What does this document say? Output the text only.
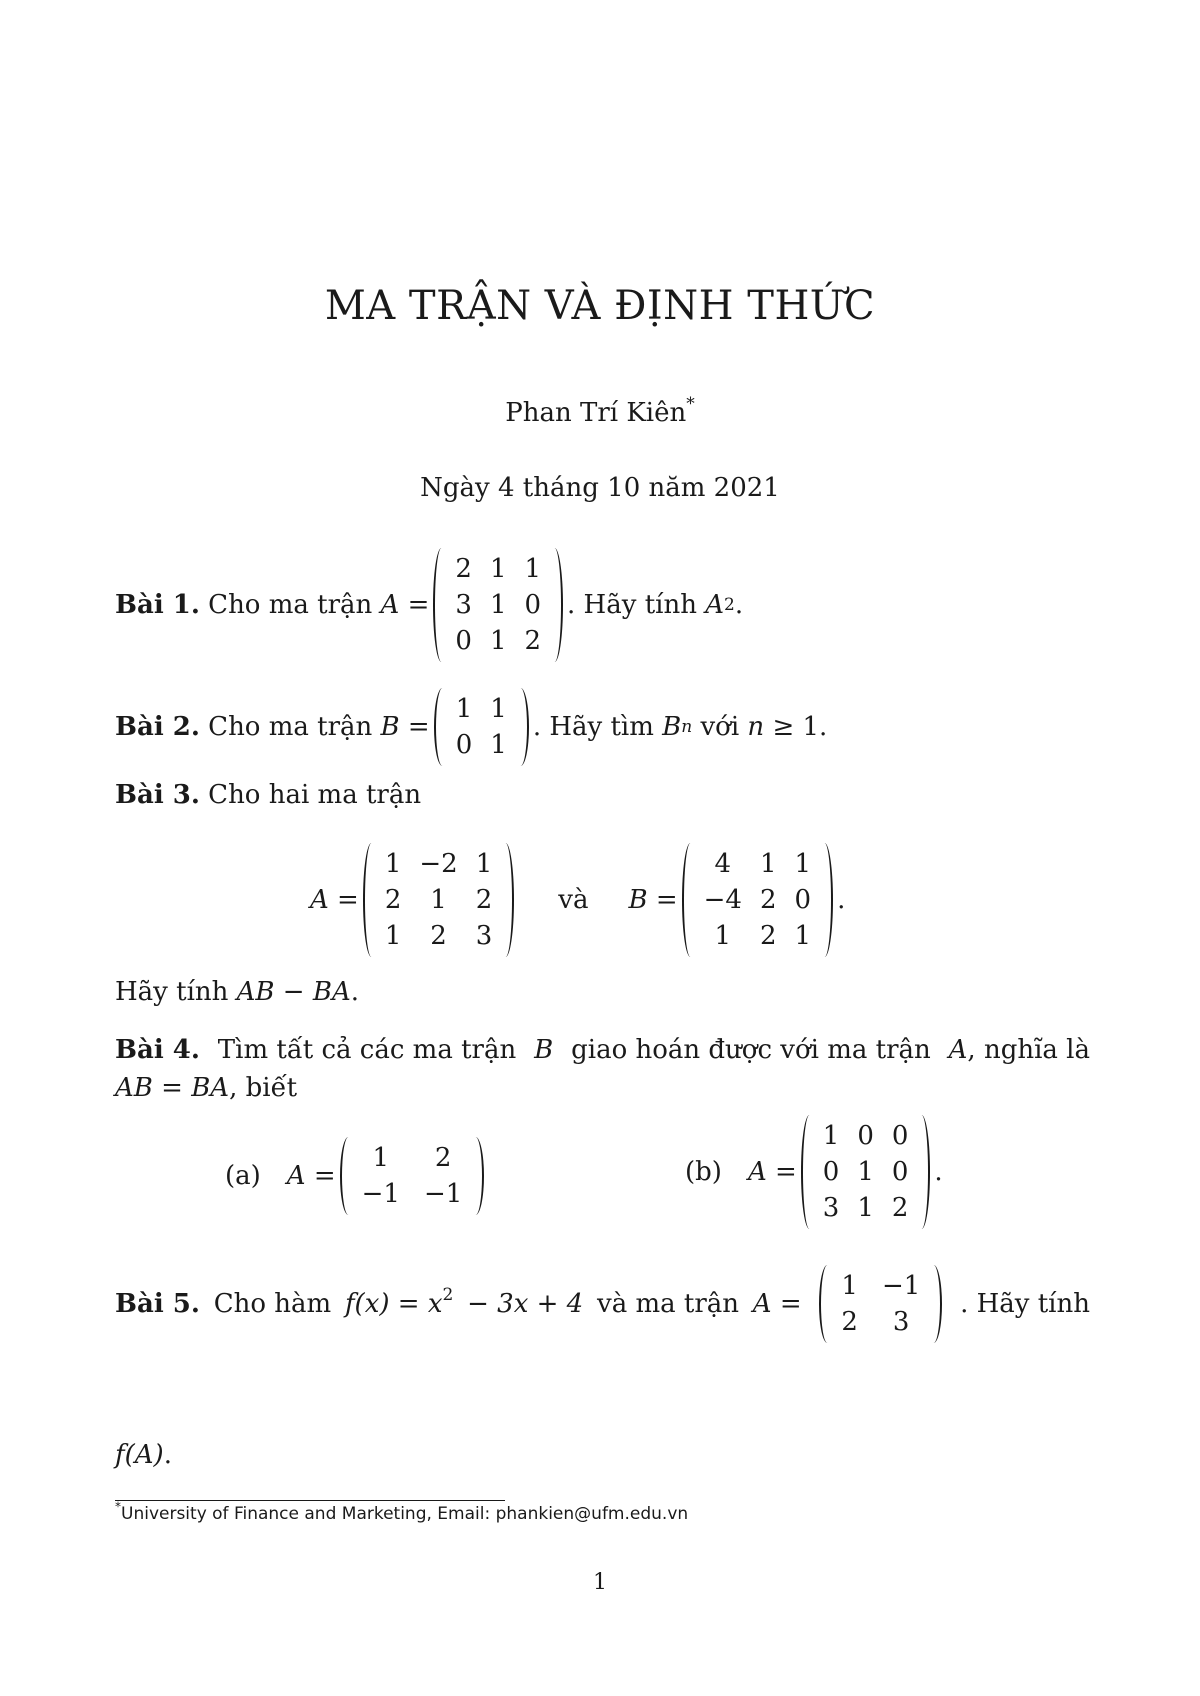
MA TRẬN VÀ ĐỊNH THỨC
Phan Trí Kiên*
Ngày 4 tháng 10 năm 2021
Bài 1.
Cho ma trận
A
=
2 1 1
3 1 0
0 1 2
. Hãy tính
A 2 .
Bài 2.
Cho ma trận
B
=
1 1
0 1
. Hãy tìm
B n
với
n
≥ 1.
Bài 3.
Cho hai ma trận
A
=
1 −2 1
2	1	2
1	2	3
và B
=
4	1 1
−4 2 0
1	2 1
.
Hãy tính
AB − BA .
Bài 4. Tìm tất cả các ma trận B giao hoán được với ma trận A, nghĩa là
AB = BA , biết
(a) A
=
1	2
−1 −1
(b) A
=
1 0 0
0 1 0
3 1 2
.
Bài 5. Cho hàm $f(x) = x^2 - 3x + 4$ và ma trận A =
1 −1
2	3
. Hãy tính
f(A) .
*University of Finance and Marketing, Email: phankien@ufm.edu.vn
1
